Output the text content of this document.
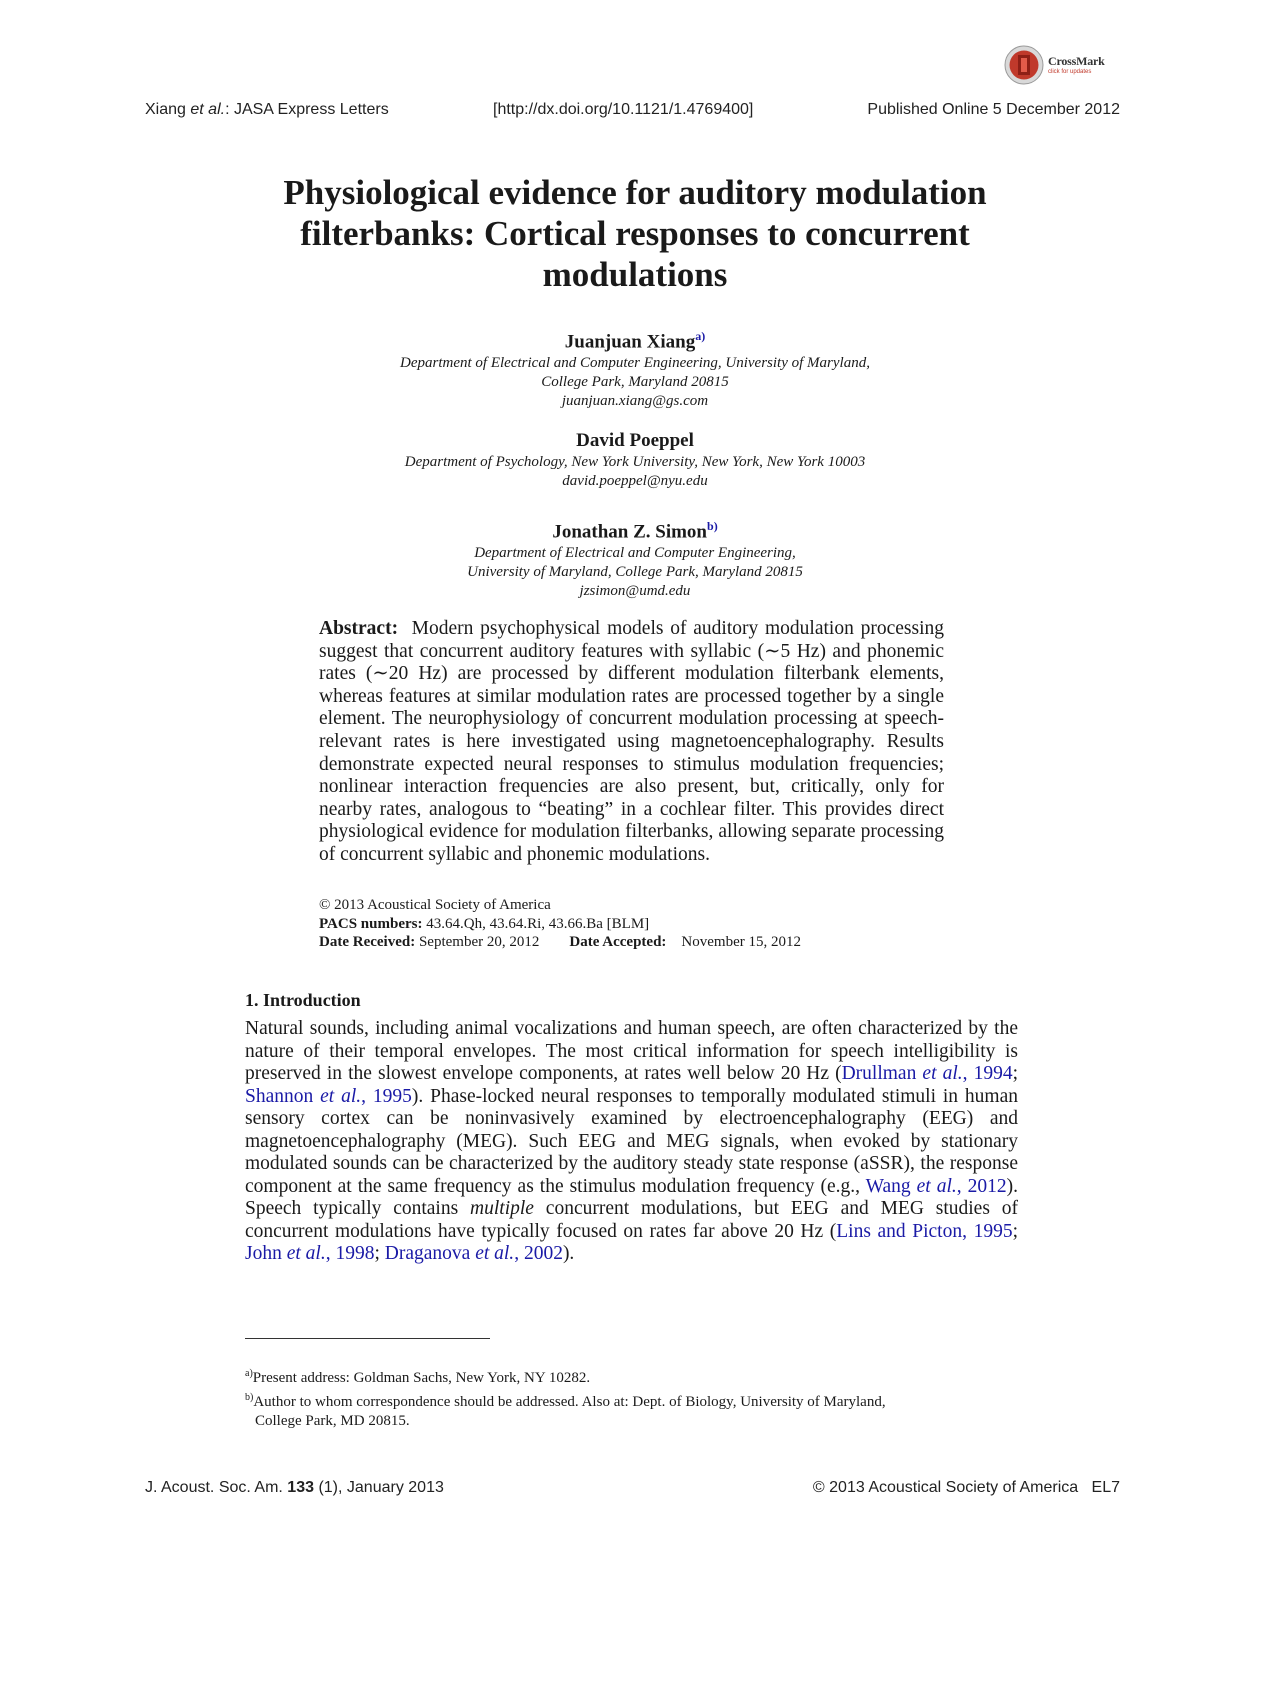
CrossMark
click for updates
Xiang et al.: JASA Express Letters	[http://dx.doi.org/10.1121/1.4769400]	Published Online 5 December 2012
Physiological evidence for auditory modulation
filterbanks: Cortical responses to concurrent
modulations
Juanjuan Xiang$^{a)}$
Department of Electrical and Computer Engineering, University of Maryland,
College Park, Maryland 20815
juanjuan.xiang@gs.com
David Poeppel
Department of Psychology, New York University, New York, New York 10003
david.poeppel@nyu.edu
Jonathan Z. Simon$^{b)}$
Department of Electrical and Computer Engineering,
University of Maryland, College Park, Maryland 20815
jzsimon@umd.edu

Abstract: Modern psychophysical models of auditory modulation processing suggest that concurrent auditory features with syllabic (∼5 Hz) and phonemic rates (∼20 Hz) are processed by different modulation filterbank elements, whereas features at similar modulation rates are processed together by a single element. The neurophysiology of concurrent modulation processing at speech-relevant rates is here investigated using magnetoencephalography. Results demonstrate expected neural responses to stimulus modulation frequencies; nonlinear interaction frequencies are also present, but, critically, only for nearby rates, analogous to “beating” in a cochlear filter. This provides direct physiological evidence for modulation filterbanks, allowing separate processing of concurrent syllabic and phonemic modulations.

© 2013 Acoustical Society of America
PACS numbers: 43.64.Qh, 43.64.Ri, 43.66.Ba [BLM]
Date Received: September 20, 2012 Date Accepted: November 15, 2012
1. Introduction

Natural sounds, including animal vocalizations and human speech, are often characterized by the nature of their temporal envelopes. The most critical information for speech intelligibility is preserved in the slowest envelope components, at rates well below 20 Hz (Drullman et al., 1994; Shannon et al., 1995). Phase-locked neural responses to temporally modulated stimuli in human sensory cortex can be noninvasively examined by electroencephalography (EEG) and magnetoencephalography (MEG). Such EEG and MEG signals, when evoked by stationary modulated sounds can be characterized by the auditory steady state response (aSSR), the response component at the same frequency as the stimulus modulation frequency (e.g., Wang et al., 2012). Speech typically contains multiple concurrent modulations, but EEG and MEG studies of concurrent modulations have typically focused on rates far above 20 Hz (Lins and Picton, 1995; John et al., 1998; Draganova et al., 2002).

$^{a)}$Present address: Goldman Sachs, New York, NY 10282.
$^{b)}$Author to whom correspondence should be addressed. Also at: Dept. of Biology, University of Maryland,
College Park, MD 20815.
J. Acoust. Soc. Am. 133 (1), January 2013	© 2013 Acoustical Society of America EL7
